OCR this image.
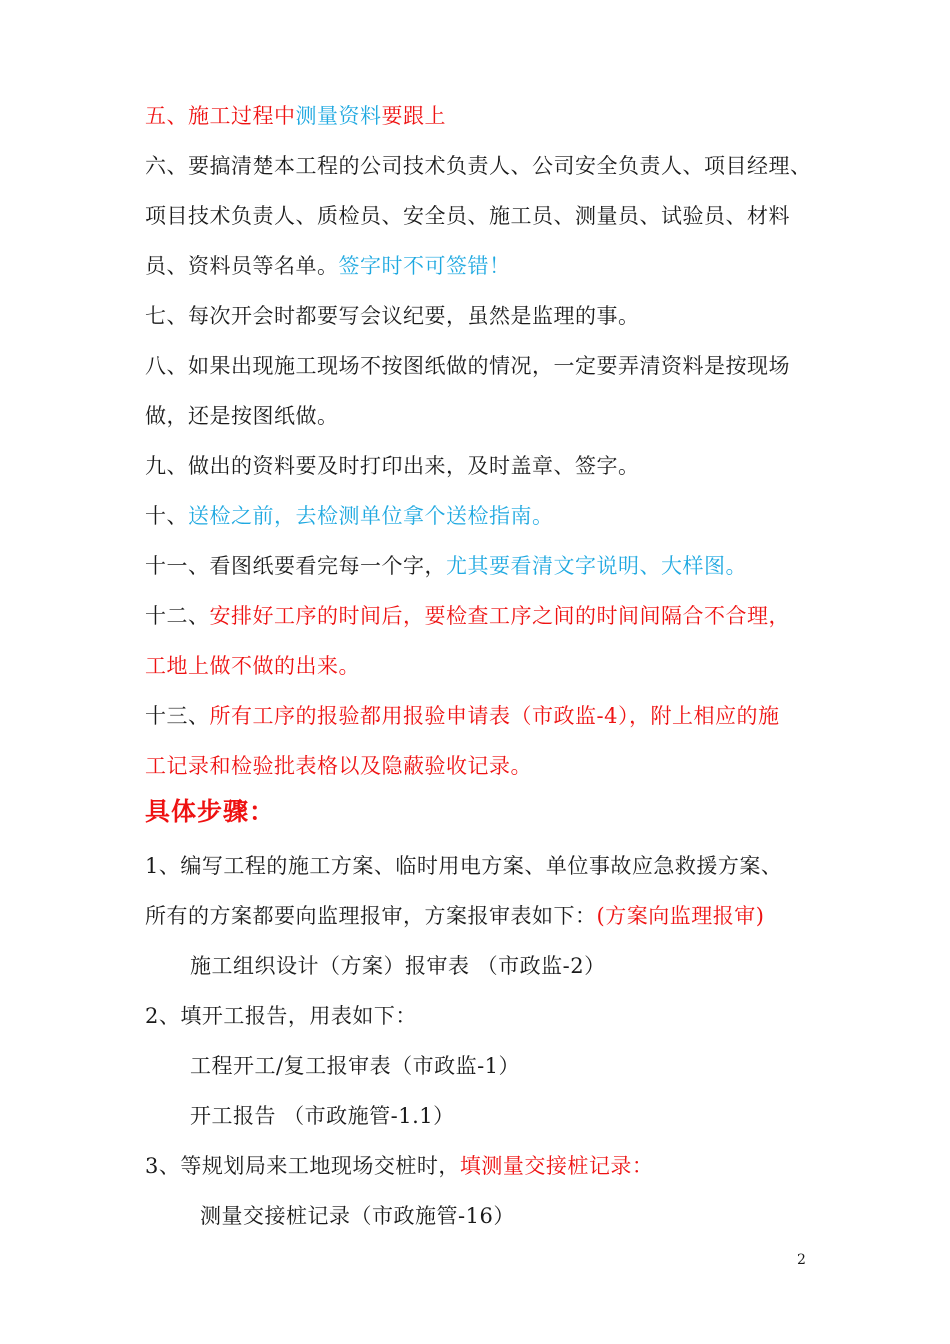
五、施工过程中测量资料要跟上
六、要搞清楚本工程的公司技术负责人、公司安全负责人、项目经理、
项目技术负责人、质检员、安全员、施工员、测量员、试验员、材料
员、资料员等名单。签字时不可签错！
七、每次开会时都要写会议纪要，虽然是监理的事。
八、如果出现施工现场不按图纸做的情况，一定要弄清资料是按现场
做，还是按图纸做。
九、做出的资料要及时打印出来，及时盖章、签字。
十、送检之前，去检测单位拿个送检指南。
十一、看图纸要看完每一个字，尤其要看清文字说明、大样图。
十二、安排好工序的时间后，要检查工序之间的时间间隔合不合理，
工地上做不做的出来。
十三、所有工序的报验都用报验申请表（市政监-4），附上相应的施
工记录和检验批表格以及隐蔽验收记录。
具体步骤：
1、编写工程的施工方案、临时用电方案、单位事故应急救援方案、
所有的方案都要向监理报审，方案报审表如下：(方案向监理报审)
施工组织设计（方案）报审表 （市政监-2）
2、填开工报告，用表如下：
工程开工/复工报审表（市政监-1）
开工报告 （市政施管-1.1）
3、等规划局来工地现场交桩时，填测量交接桩记录：
测量交接桩记录（市政施管-16）
2
